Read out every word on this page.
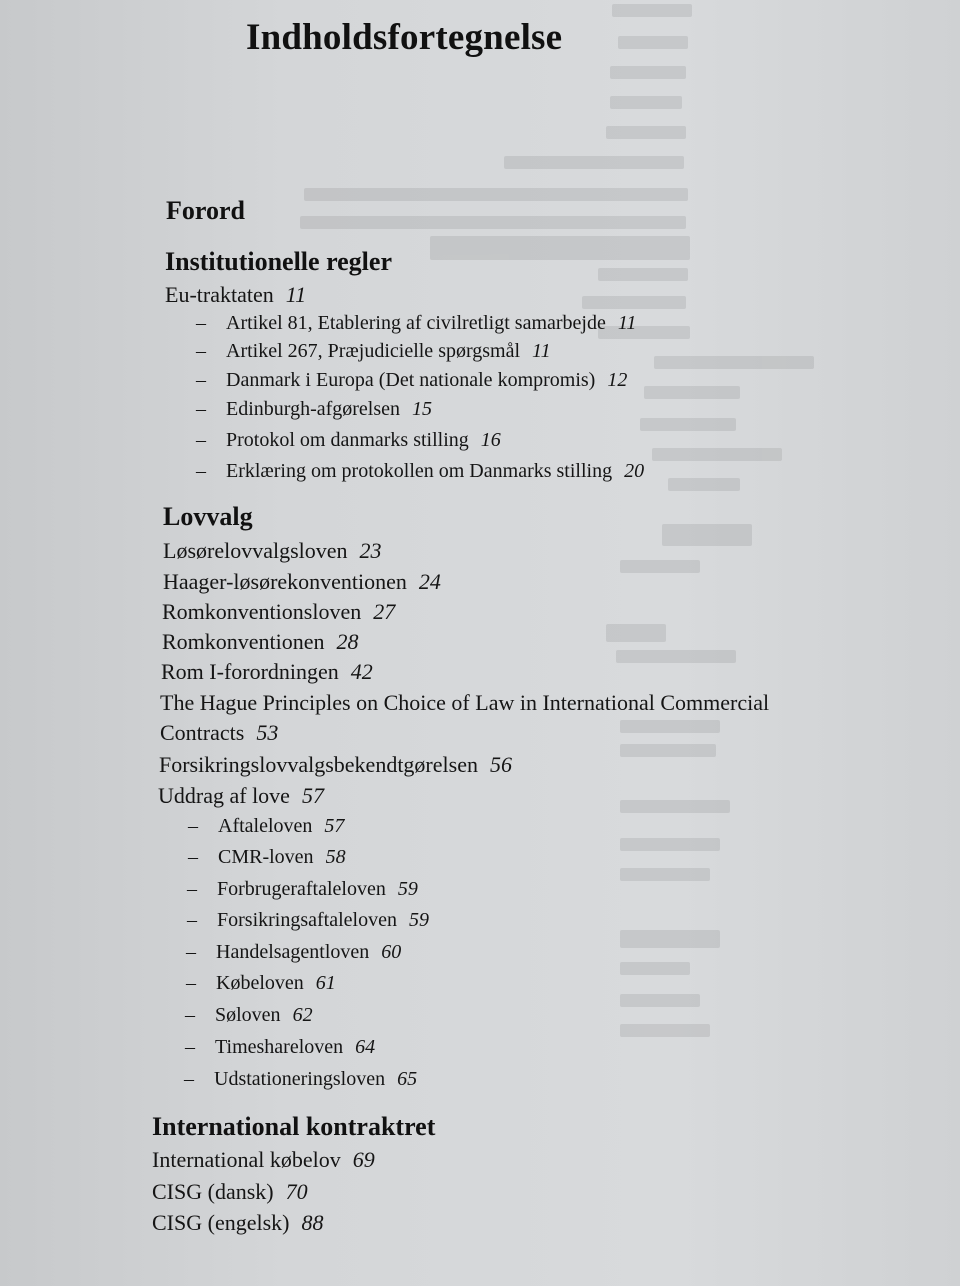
Indholdsfortegnelse
Forord
Institutionelle regler
Eu-traktaten 11
– Artikel 81, Etablering af civilretligt samarbejde 11
– Artikel 267, Præjudicielle spørgsmål 11
– Danmark i Europa (Det nationale kompromis) 12
– Edinburgh-afgørelsen 15
– Protokol om danmarks stilling 16
– Erklæring om protokollen om Danmarks stilling 20
Lovvalg
Løsørelovvalgsloven 23
Haager-løsørekonventionen 24
Romkonventionsloven 27
Romkonventionen 28
Rom I-forordningen 42
The Hague Principles on Choice of Law in International Commercial
Contracts 53
Forsikringslovvalgsbekendtgørelsen 56
Uddrag af love 57
– Aftaleloven 57
– CMR-loven 58
– Forbrugeraftaleloven 59
– Forsikringsaftaleloven 59
– Handelsagentloven 60
– Købeloven 61
– Søloven 62
– Timeshareloven 64
– Udstationeringsloven 65
International kontraktret
International købelov 69
CISG (dansk) 70
CISG (engelsk) 88
